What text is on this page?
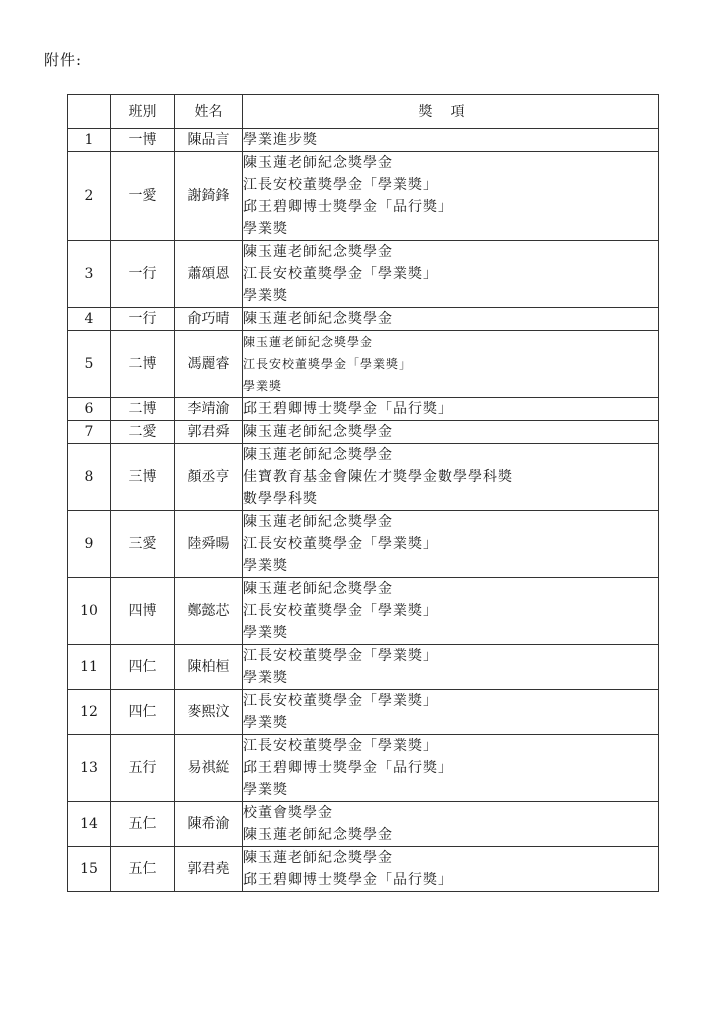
附件:
	班別	姓名	獎項
1	一博	陳品言	學業進步獎

2	一愛	謝錡鋒	陳玉蓮老師紀念獎學金
江長安校董獎學金「學業獎」
邱王碧卿博士獎學金「品行獎」
學業獎

3	一行	蕭頌恩	陳玉蓮老師紀念獎學金
江長安校董獎學金「學業獎」
學業獎

4	一行	俞巧晴	陳玉蓮老師紀念獎學金

5	二博	馮麗睿	陳玉蓮老師紀念獎學金
江長安校董獎學金「學業獎」
學業獎

6	二博	李靖渝	邱王碧卿博士獎學金「品行獎」

7	二愛	郭君舜	陳玉蓮老師紀念獎學金

8	三博	顏丞亨	陳玉蓮老師紀念獎學金
佳寶教育基金會陳佐才獎學金數學學科獎
數學學科獎

9	三愛	陸舜暘	陳玉蓮老師紀念獎學金
江長安校董獎學金「學業獎」
學業獎

10	四博	鄭懿芯	陳玉蓮老師紀念獎學金
江長安校董獎學金「學業獎」
學業獎

11	四仁	陳柏桓	江長安校董獎學金「學業獎」
學業獎

12	四仁	麥熙汶	江長安校董獎學金「學業獎」
學業獎

13	五行	易祺緃	江長安校董獎學金「學業獎」
邱王碧卿博士獎學金「品行獎」
學業獎

14	五仁	陳希渝	校董會獎學金
陳玉蓮老師紀念獎學金

15	五仁	郭君堯	陳玉蓮老師紀念獎學金
邱王碧卿博士獎學金「品行獎」
